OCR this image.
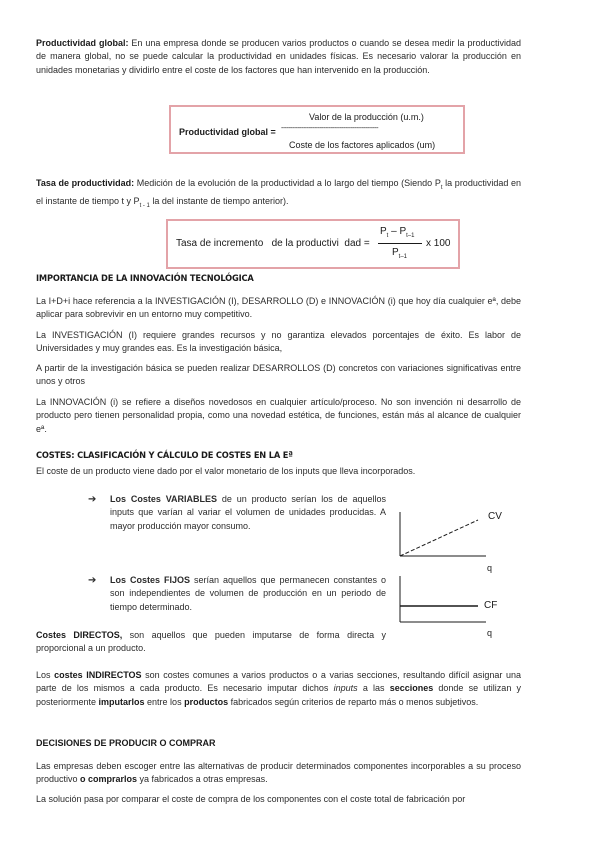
Productividad global: En una empresa donde se producen varios productos o cuando se desea medir la productividad de manera global, no se puede calcular la productividad en unidades físicas. Es necesario valorar la producción en unidades monetarias y dividirlo entre el coste de los factores que han intervenido en la producción.

Valor de la producción (u.m.)
Productividad global = -----------------------------------------------------
Coste de los factores aplicados (um)

Tasa de productividad: Medición de la evolución de la productividad a lo largo del tiempo (Siendo $P_t$ la productividad en el instante de tiempo t y $P_{t - 1}$ la del instante de tiempo anterior).

Tasa de incremento   de la productivi  dad =
$P_t - P_{t-1}$
$P_{t-1}$
x 100
IMPORTANCIA DE LA INNOVACIÓN TECNOLÓGICA

La I+D+i hace referencia a la INVESTIGACIÓN (I), DESARROLLO (D) e INNOVACIÓN (i) que hoy día cualquier eª, debe aplicar para sobrevivir en un entorno muy competitivo.

La INVESTIGACIÓN (I) requiere grandes recursos y no garantiza elevados porcentajes de éxito. Es labor de Universidades y muy grandes eas. Es la investigación básica,

A partir de la investigación básica se pueden realizar DESARROLLOS (D) concretos con variaciones significativas entre unos y otros

La INNOVACIÓN (i) se refiere a diseños novedosos en cualquier artículo/proceso. No son invención ni desarrollo de producto pero tienen personalidad propia, como una novedad estética, de funciones, están más al alcance de cualquier eª.

COSTES: CLASIFICACIÓN Y CÁLCULO DE COSTES EN LA Eª

El coste de un producto viene dado por el valor monetario de los inputs que lleva incorporados.

➔ Los Costes VARIABLES de un producto serían los de aquellos inputs que varían al variar el volumen de unidades producidas. A mayor producción mayor consumo.
➔ Los Costes FIJOS serían aquellos que permanecen constantes o son independientes de volumen de producción en un periodo de tiempo determinado.
CV
q
CF
q

Costes DIRECTOS, son aquellos que pueden imputarse de forma directa y proporcional a un producto.

Los costes INDIRECTOS son costes comunes a varios productos o a varias secciones, resultando difícil asignar una parte de los mismos a cada producto. Es necesario imputar dichos inputs a las secciones donde se utilizan y posteriormente imputarlos entre los productos fabricados según criterios de reparto más o menos subjetivos.

DECISIONES DE PRODUCIR O COMPRAR

Las empresas deben escoger entre las alternativas de producir determinados componentes incorporables a su proceso productivo o comprarlos ya fabricados a otras empresas.

La solución pasa por comparar el coste de compra de los componentes con el coste total de fabricación por
